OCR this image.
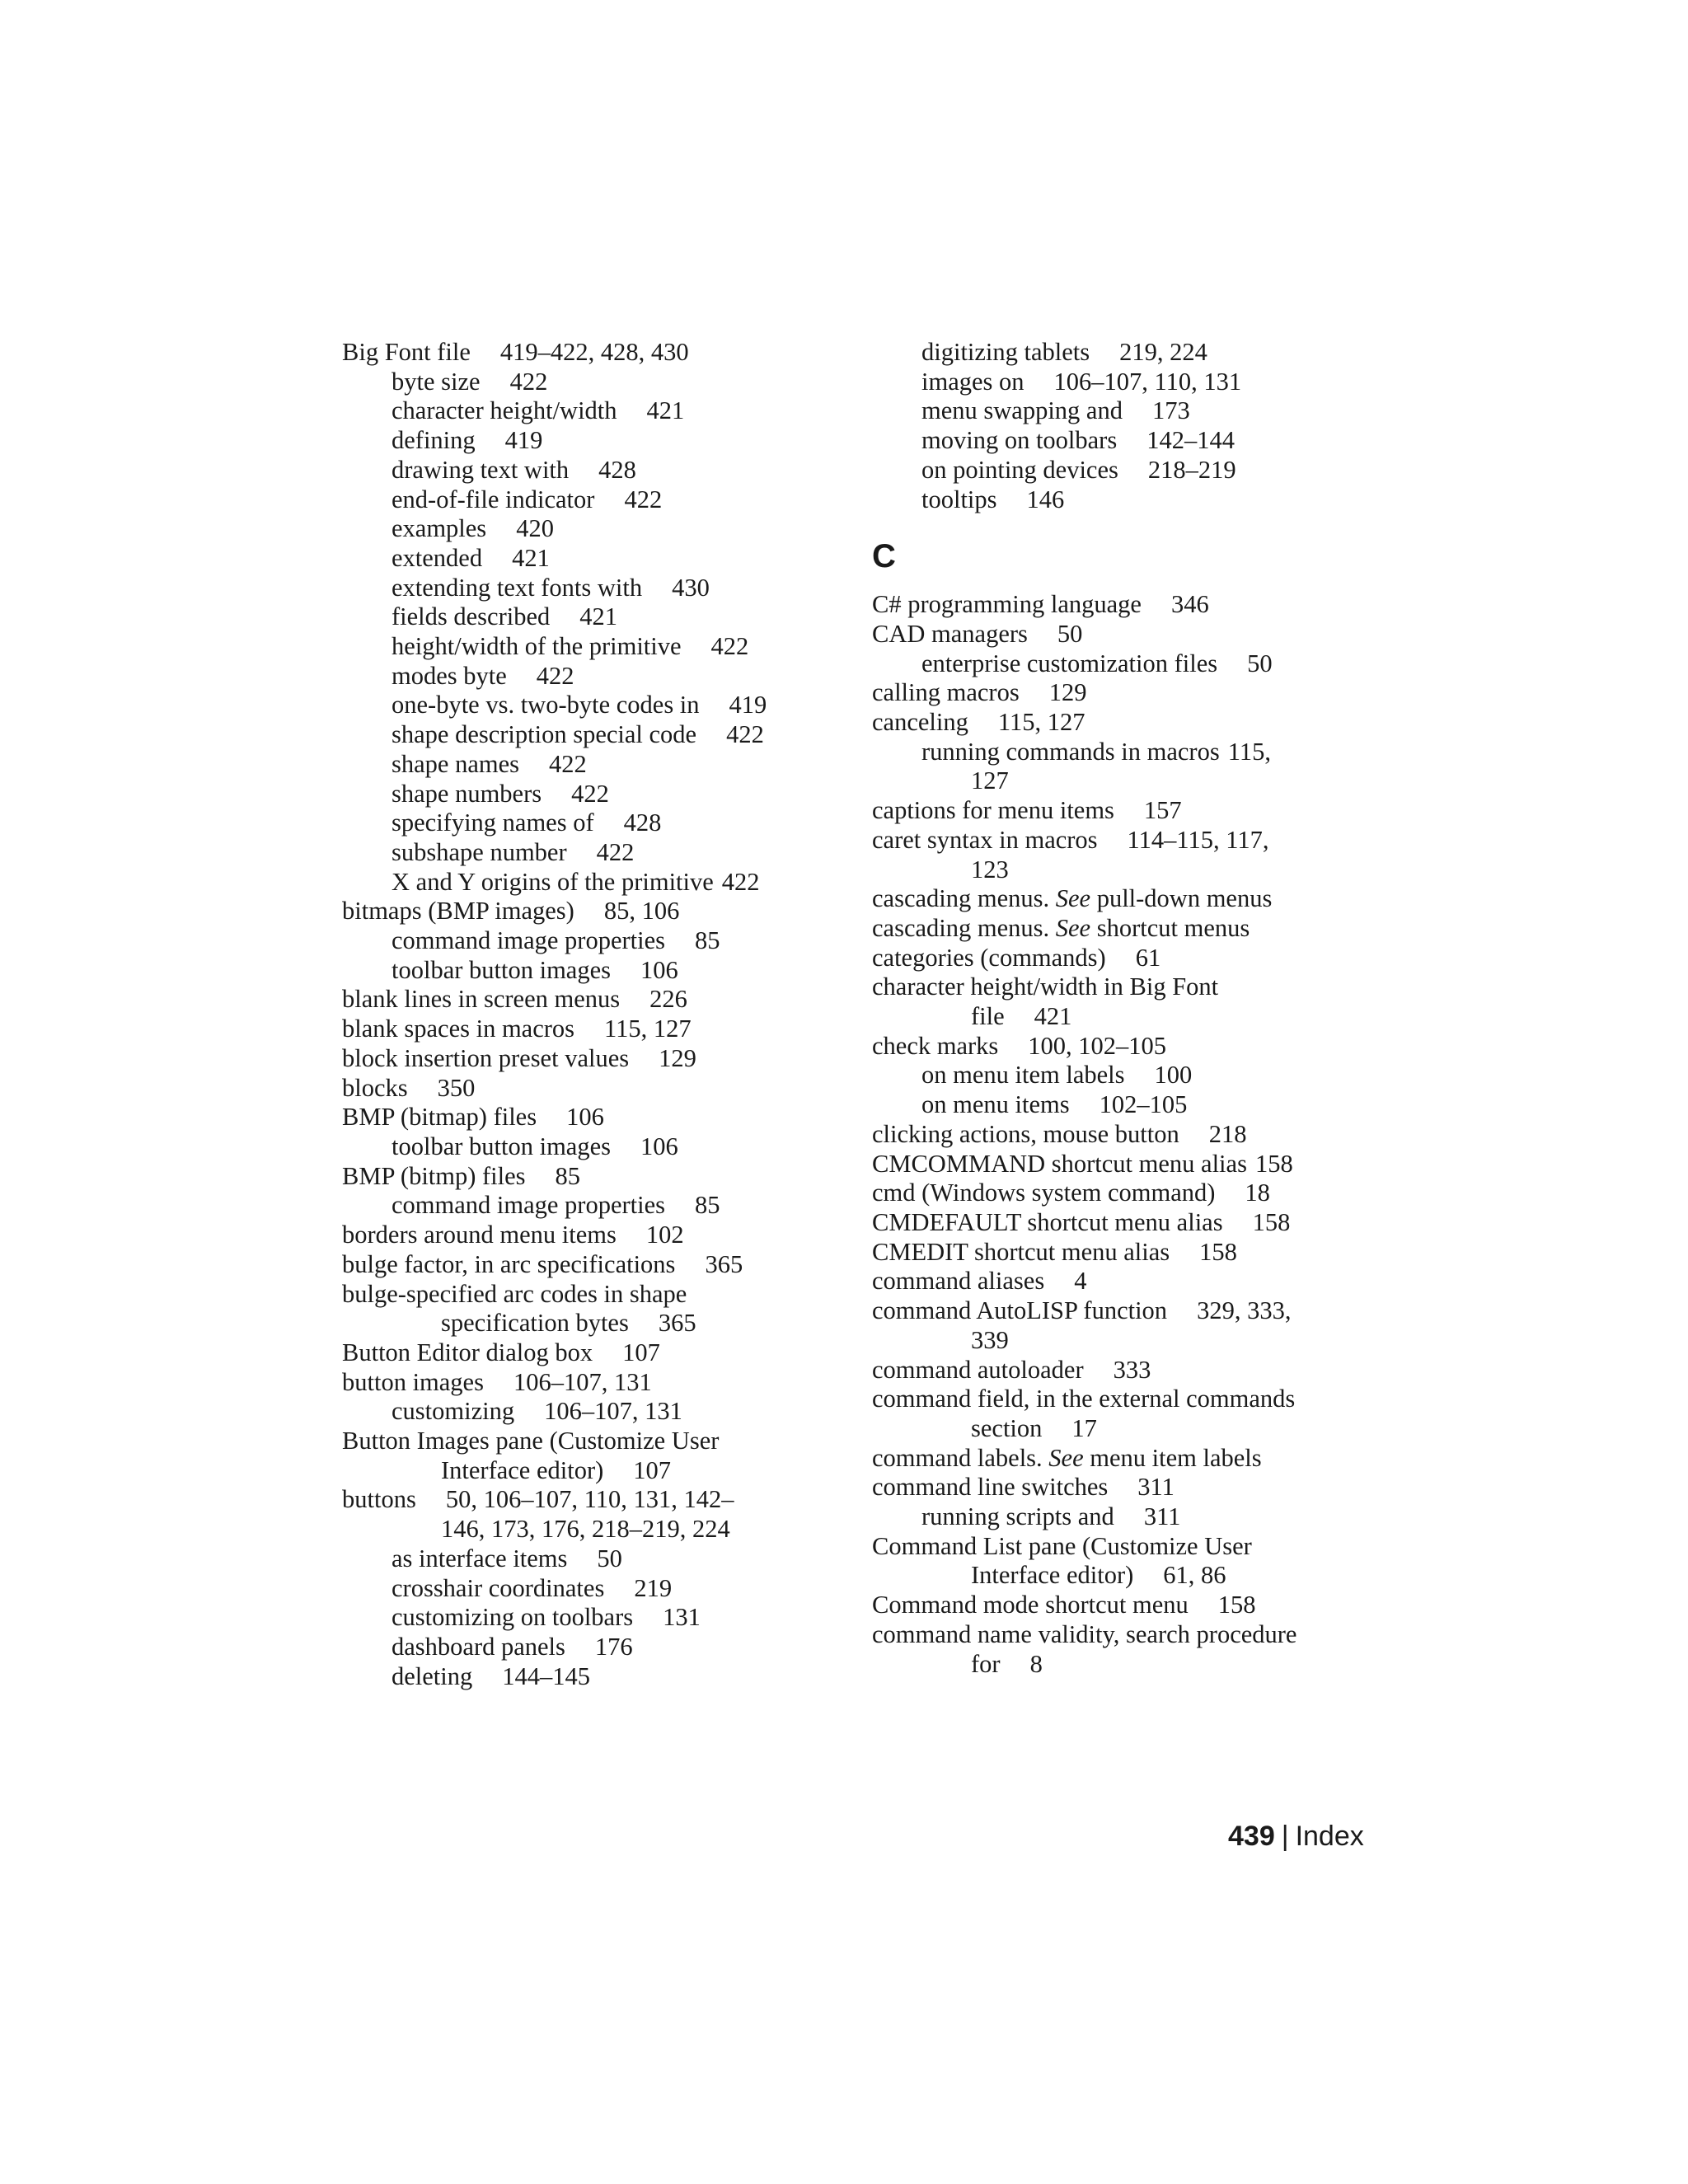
Big Font file 419–422, 428, 430
byte size 422
character height/width 421
defining 419
drawing text with 428
end-of-file indicator 422
examples 420
extended 421
extending text fonts with 430
fields described 421
height/width of the primitive 422
modes byte 422
one-byte vs. two-byte codes in 419
shape description special code 422
shape names 422
shape numbers 422
specifying names of 428
subshape number 422
X and Y origins of the primitive 422
bitmaps (BMP images) 85, 106
command image properties 85
toolbar button images 106
blank lines in screen menus 226
blank spaces in macros 115, 127
block insertion preset values 129
blocks 350
BMP (bitmap) files 106
toolbar button images 106
BMP (bitmp) files 85
command image properties 85
borders around menu items 102
bulge factor, in arc specifications 365
bulge-specified arc codes in shape
specification bytes 365
Button Editor dialog box 107
button images 106–107, 131
customizing 106–107, 131
Button Images pane (Customize User
Interface editor) 107
buttons 50, 106–107, 110, 131, 142–
146, 173, 176, 218–219, 224
as interface items 50
crosshair coordinates 219
customizing on toolbars 131
dashboard panels 176
deleting 144–145
digitizing tablets 219, 224
images on 106–107, 110, 131
menu swapping and 173
moving on toolbars 142–144
on pointing devices 218–219
tooltips 146
C
C# programming language 346
CAD managers 50
enterprise customization files 50
calling macros 129
canceling 115, 127
running commands in macros 115,
127
captions for menu items 157
caret syntax in macros 114–115, 117,
123
cascading menus. See pull-down menus
cascading menus. See shortcut menus
categories (commands) 61
character height/width in Big Font
file 421
check marks 100, 102–105
on menu item labels 100
on menu items 102–105
clicking actions, mouse button 218
CMCOMMAND shortcut menu alias 158
cmd (Windows system command) 18
CMDEFAULT shortcut menu alias 158
CMEDIT shortcut menu alias 158
command aliases 4
command AutoLISP function 329, 333,
339
command autoloader 333
command field, in the external commands
section 17
command labels. See menu item labels
command line switches 311
running scripts and 311
Command List pane (Customize User
Interface editor) 61, 86
Command mode shortcut menu 158
command name validity, search procedure
for 8
439 | Index
